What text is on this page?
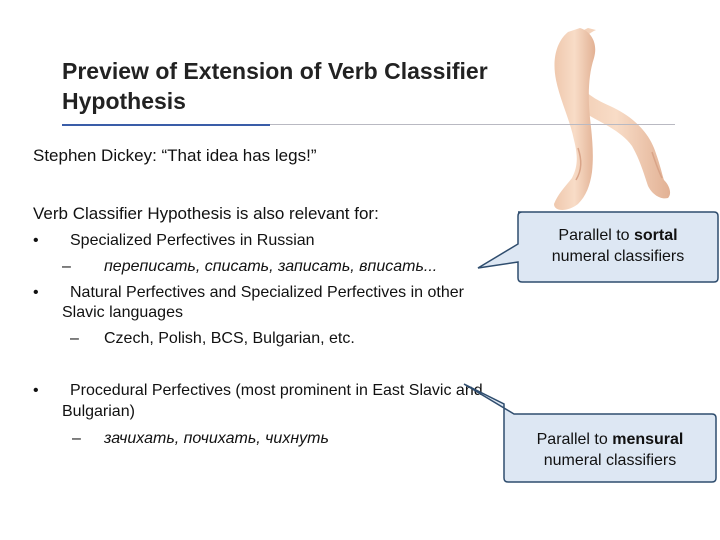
Preview of Extension of Verb Classifier
Hypothesis
Stephen Dickey: “That idea has legs!”
Verb Classifier Hypothesis is also relevant for:
• Specialized Perfectives in Russian
– переписать, списать, записать, вписать...
• Natural Perfectives and Specialized Perfectives in other
Slavic languages
– Czech, Polish, BCS, Bulgarian, etc.
• Procedural Perfectives (most prominent in East Slavic and
Bulgarian)
– зачихать, почихать, чихнуть
Parallel to sortal
numeral classifiers
Parallel to mensural
numeral classifiers
